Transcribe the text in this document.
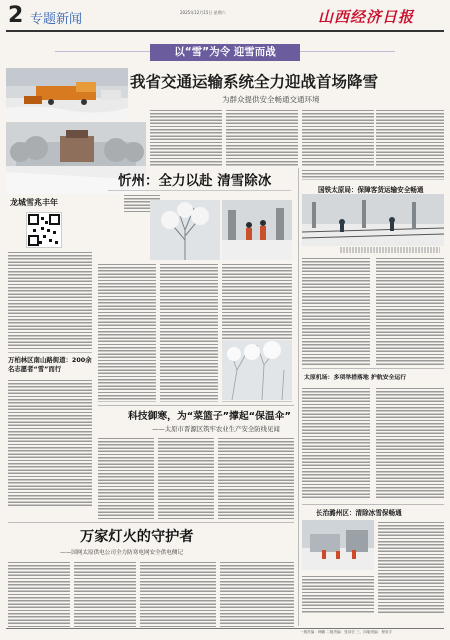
2 专题新闻	2025年12月15日 星期六	山西经济日报
以“雪”为令 迎雪而战
我省交通运输系统全力迎战首场降雪
为群众提供安全畅通交通环境
忻州：全力以赴 清雪除冰
龙城雪兆丰年
万柏林区南山路街道：200余名志愿者“雪”而行
科技御寒，为“菜篮子”撑起“保温伞”
——太原市晋源区筑牢农业生产安全防线见闻
万家灯火的守护者
——国网太原供电公司全力防寒电网安全供电侧记
国铁太原局：保障客货运输安全畅通
太原机场：多项举措落地 护航安全运行
长治潞州区：清除冰雪保畅通
一版责编：韩鹏 二版责编：张泽宏 三、四版美编：程泉宇
